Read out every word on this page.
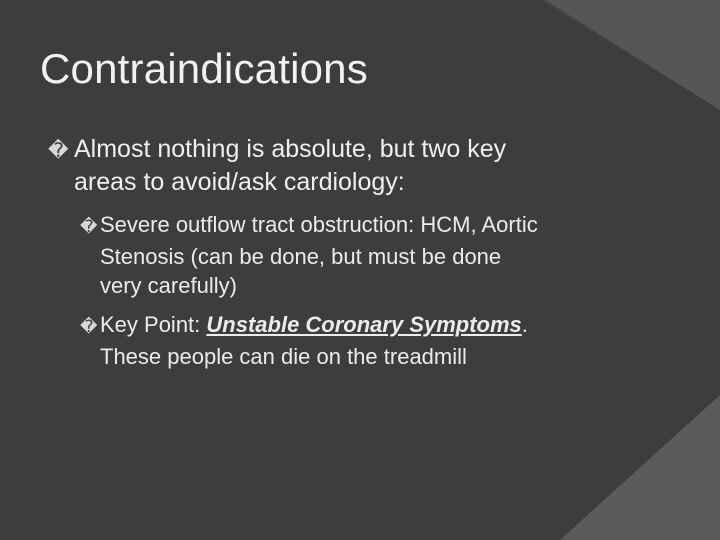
Contraindications
� Almost nothing is absolute, but two key
areas to avoid/ask cardiology:
� Severe outflow tract obstruction: HCM, Aortic
Stenosis (can be done, but must be done
very carefully)
� Key Point: Unstable Coronary Symptoms.
These people can die on the treadmill
